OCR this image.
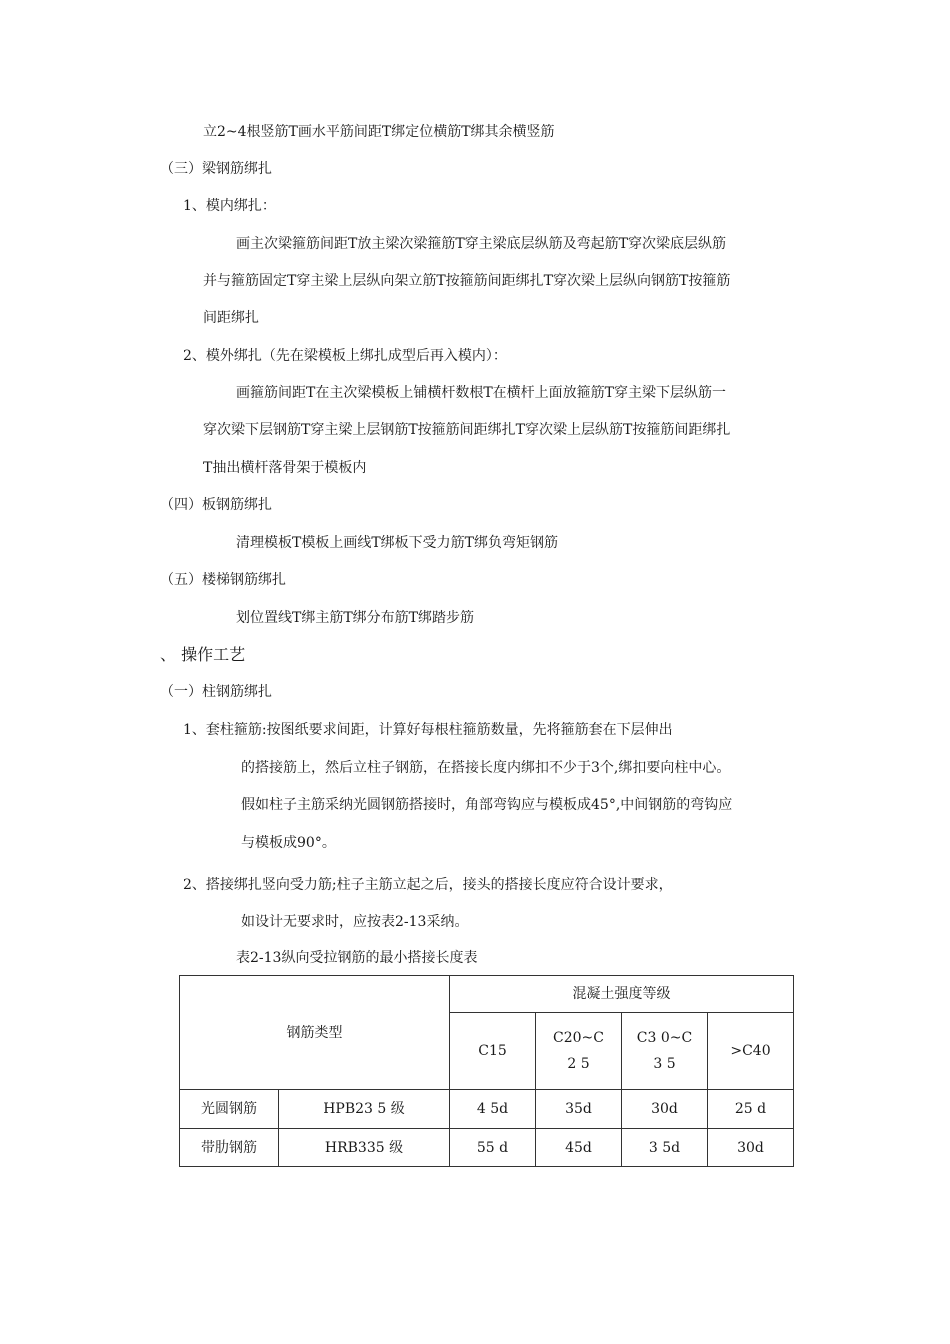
立2~4根竖筋T画水平筋间距T绑定位横筋T绑其余横竖筋
（三）梁钢筋绑扎
1、模内绑扎：
画主次梁箍筋间距T放主梁次梁箍筋T穿主梁底层纵筋及弯起筋T穿次梁底层纵筋
并与箍筋固定T穿主梁上层纵向架立筋T按箍筋间距绑扎T穿次梁上层纵向钢筋T按箍筋
间距绑扎
2、模外绑扎（先在梁模板上绑扎成型后再入模内）：
画箍筋间距T在主次梁模板上铺横杆数根T在横杆上面放箍筋T穿主梁下层纵筋一
穿次梁下层钢筋T穿主梁上层钢筋T按箍筋间距绑扎T穿次梁上层纵筋T按箍筋间距绑扎
T抽出横杆落骨架于模板内
（四）板钢筋绑扎
清理模板T模板上画线T绑板下受力筋T绑负弯矩钢筋
（五）楼梯钢筋绑扎
划位置线T绑主筋T绑分布筋T绑踏步筋
、 操作工艺
（一）柱钢筋绑扎
1、套柱箍筋:按图纸要求间距，计算好每根柱箍筋数量，先将箍筋套在下层伸出
的搭接筋上，然后立柱子钢筋，在搭接长度内绑扣不少于3个,绑扣要向柱中心。
假如柱子主筋采纳光圆钢筋搭接时，角部弯钩应与模板成45°,中间钢筋的弯钩应
与模板成90°。
2、搭接绑扎竖向受力筋;柱子主筋立起之后，接头的搭接长度应符合设计要求，
如设计无要求时，应按表2-13采纳。
表2-13纵向受拉钢筋的最小搭接长度表
钢筋类型		混凝土强度等级			
		C15	C20~C
2 5	C3 0~C
3 5	>C40
光圆钢筋	HPB23 5 级	4 5d	35d	30d	25 d
带肋钢筋	HRB335 级	55 d	45d	3 5d	30d
